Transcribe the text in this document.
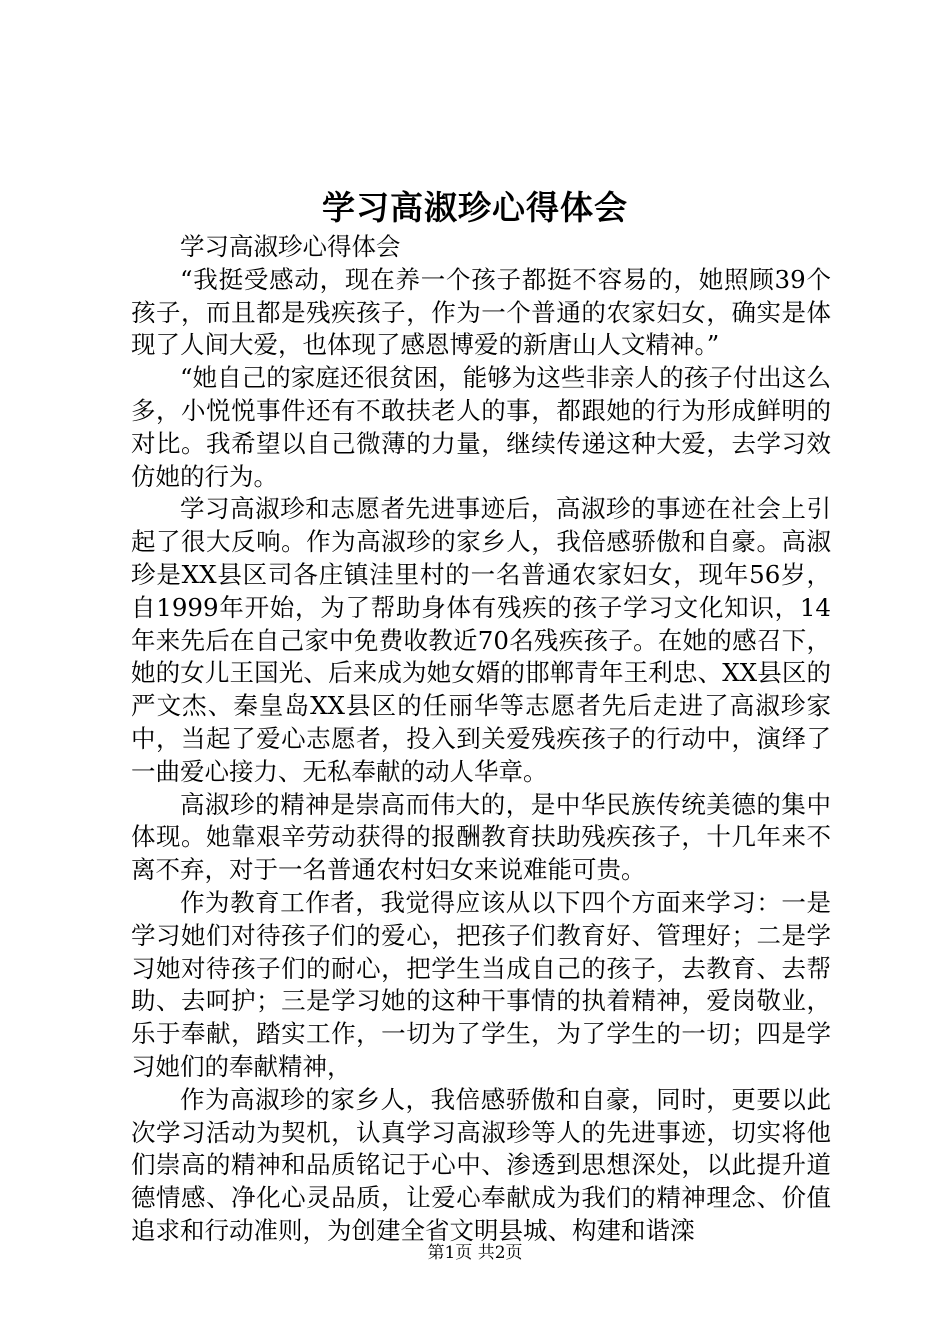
学习高淑珍心得体会

学习高淑珍心得体会

“我挺受感动，现在养一个孩子都挺不容易的，她照顾39个孩子，而且都是残疾孩子，作为一个普通的农家妇女，确实是体现了人间大爱，也体现了感恩博爱的新唐山人文精神。”

“她自己的家庭还很贫困，能够为这些非亲人的孩子付出这么多，小悦悦事件还有不敢扶老人的事，都跟她的行为形成鲜明的对比。我希望以自己微薄的力量，继续传递这种大爱，去学习效仿她的行为。

学习高淑珍和志愿者先进事迹后，高淑珍的事迹在社会上引起了很大反响。作为高淑珍的家乡人，我倍感骄傲和自豪。高淑珍是XX县区司各庄镇洼里村的一名普通农家妇女，现年56岁，自1999年开始，为了帮助身体有残疾的孩子学习文化知识，14年来先后在自己家中免费收教近70名残疾孩子。在她的感召下，她的女儿王国光、后来成为她女婿的邯郸青年王利忠、XX县区的严文杰、秦皇岛XX县区的任丽华等志愿者先后走进了高淑珍家中，当起了爱心志愿者，投入到关爱残疾孩子的行动中，演绎了一曲爱心接力、无私奉献的动人华章。

高淑珍的精神是崇高而伟大的，是中华民族传统美德的集中体现。她靠艰辛劳动获得的报酬教育扶助残疾孩子，十几年来不离不弃，对于一名普通农村妇女来说难能可贵。

作为教育工作者，我觉得应该从以下四个方面来学习：一是学习她们对待孩子们的爱心，把孩子们教育好、管理好；二是学习她对待孩子们的耐心，把学生当成自己的孩子，去教育、去帮助、去呵护；三是学习她的这种干事情的执着精神，爱岗敬业，乐于奉献，踏实工作，一切为了学生，为了学生的一切；四是学习她们的奉献精神，

作为高淑珍的家乡人，我倍感骄傲和自豪，同时，更要以此次学习活动为契机，认真学习高淑珍等人的先进事迹，切实将他们崇高的精神和品质铭记于心中、渗透到思想深处，以此提升道德情感、净化心灵品质，让爱心奉献成为我们的精神理念、价值追求和行动准则，为创建全省文明县城、构建和谐滦

第1页 共2页
